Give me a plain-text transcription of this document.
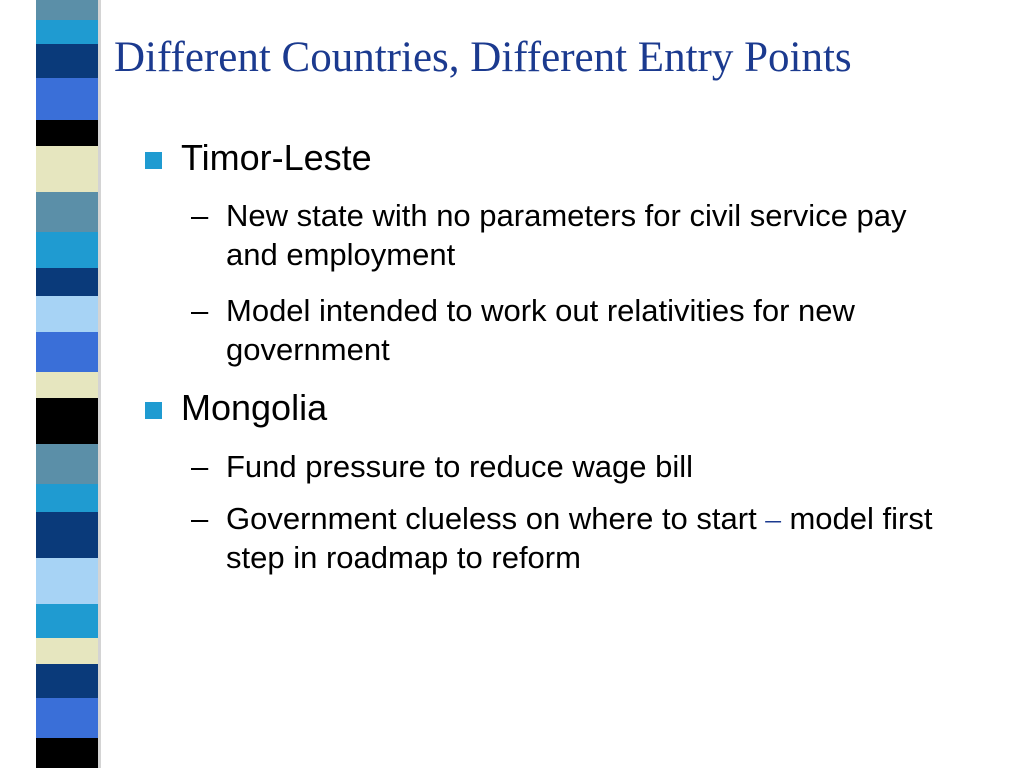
Different Countries, Different Entry Points
Timor-Leste
– New state with no parameters for civil service pay and employment
– Model intended to work out relativities for new government
Mongolia
– Fund pressure to reduce wage bill
– Government clueless on where to start – model first step in roadmap to reform
